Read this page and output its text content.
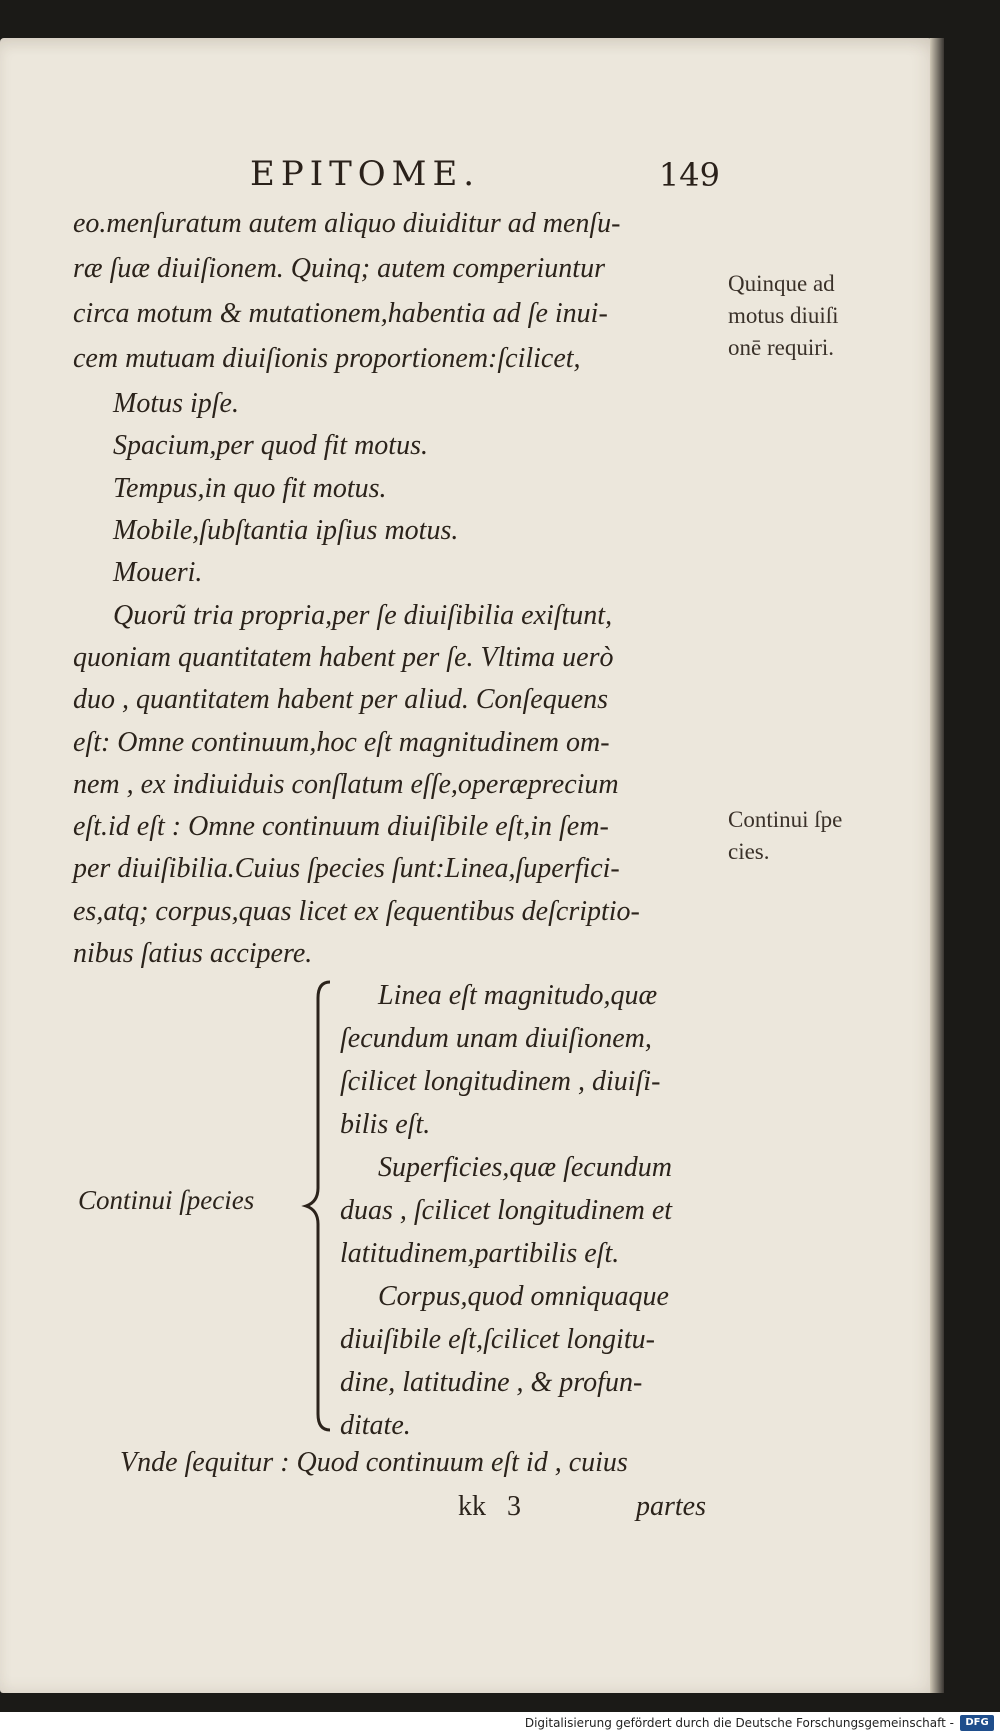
EPITOME.	149
eo.menſuratum autem aliquo diuiditur ad menſu-
ræ ſuæ diuiſionem. Quinq; autem comperiuntur
circa motum & mutationem,habentia ad ſe inui-
cem mutuam diuiſionis proportionem:ſcilicet,
Motus ipſe.
Spacium,per quod fit motus.
Tempus,in quo fit motus.
Mobile,ſubſtantia ipſius motus.
Moueri.
Quorũ tria propria,per ſe diuiſibilia exiſtunt,
quoniam quantitatem habent per ſe. Vltima uerò
duo , quantitatem habent per aliud. Conſequens
eſt: Omne continuum,hoc eſt magnitudinem om-
nem , ex indiuiduis conſlatum eſſe,operæprecium
eſt.id eſt : Omne continuum diuiſibile eſt,in ſem-
per diuiſibilia.Cuius ſpecies ſunt:Linea,ſuperfici-
es,atq; corpus,quas licet ex ſequentibus deſcriptio-
nibus ſatius accipere.
Quinque ad
motus diuiſi
onē requiri.
Continui ſpe
cies.
Continui ſpecies
Linea eſt magnitudo,quæ
ſecundum unam diuiſionem,
ſcilicet longitudinem , diuiſi-
bilis eſt.
Superficies,quæ ſecundum
duas , ſcilicet longitudinem et
latitudinem,partibilis eſt.
Corpus,quod omniquaque
diuiſibile eſt,ſcilicet longitu-
dine, latitudine , & profun-
ditate.
Vnde ſequitur : Quod continuum eſt id , cuius
kk   3	partes
Digitalisierung gefördert durch die Deutsche Forschungsgemeinschaft -	DFG
